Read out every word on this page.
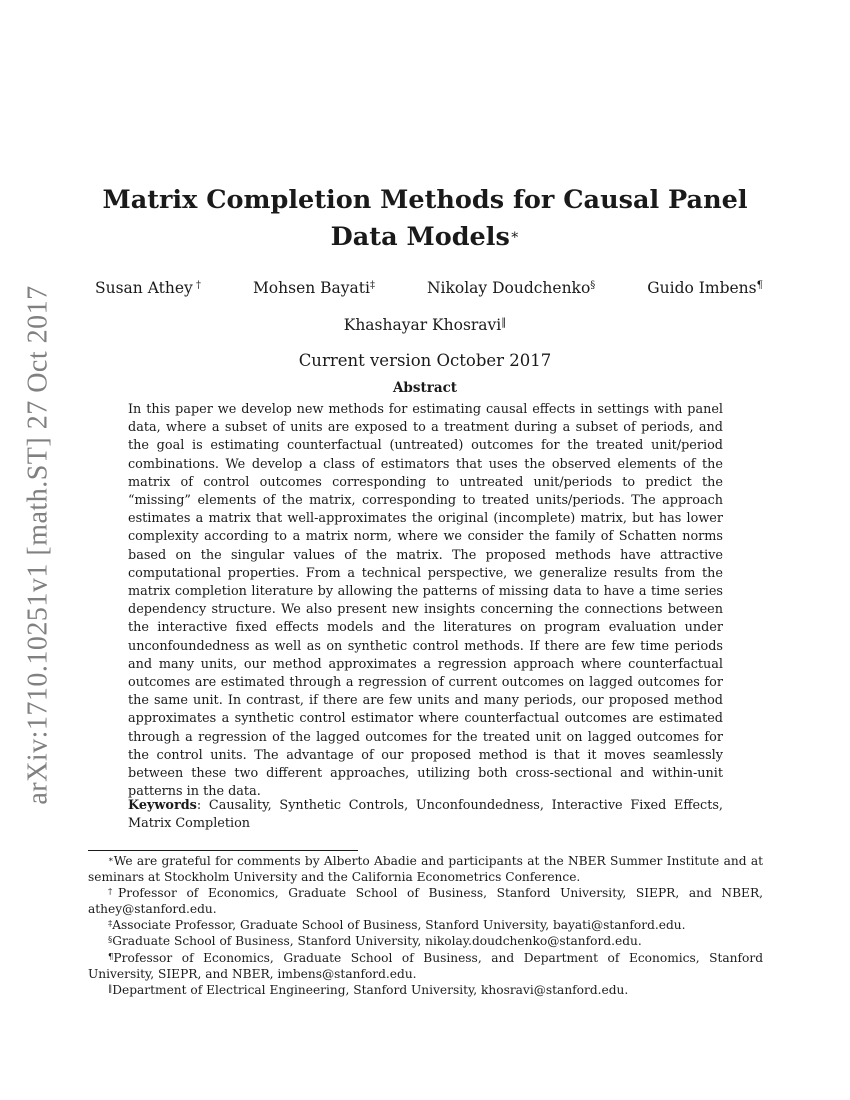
arXiv:1710.10251v1 [math.ST] 27 Oct 2017
Matrix Completion Methods for Causal Panel Data Models∗
Susan Athey †	Mohsen Bayati‡	Nikolay Doudchenko§	Guido Imbens¶
Khashayar Khosravi‖
Current version October 2017
Abstract

In this paper we develop new methods for estimating causal effects in settings with panel data, where a subset of units are exposed to a treatment during a subset of periods, and the goal is estimating counterfactual (untreated) outcomes for the treated unit/period combinations. We develop a class of estimators that uses the observed elements of the matrix of control outcomes corresponding to untreated unit/periods to predict the “missing” elements of the matrix, corresponding to treated units/periods. The approach estimates a matrix that well-approximates the original (incomplete) matrix, but has lower complexity according to a matrix norm, where we consider the family of Schatten norms based on the singular values of the matrix. The proposed methods have attractive computational properties. From a technical perspective, we generalize results from the matrix completion literature by allowing the patterns of missing data to have a time series dependency structure. We also present new insights concerning the connections between the interactive fixed effects models and the literatures on program evaluation under unconfoundedness as well as on synthetic control methods. If there are few time periods and many units, our method approximates a regression approach where counterfactual outcomes are estimated through a regression of current outcomes on lagged outcomes for the same unit. In contrast, if there are few units and many periods, our proposed method approximates a synthetic control estimator where counterfactual outcomes are estimated through a regression of the lagged outcomes for the treated unit on lagged outcomes for the control units. The advantage of our proposed method is that it moves seamlessly between these two different approaches, utilizing both cross-sectional and within-unit patterns in the data.

Keywords: Causality, Synthetic Controls, Unconfoundedness, Interactive Fixed Effects, Matrix Completion

∗We are grateful for comments by Alberto Abadie and participants at the NBER Summer Institute and at seminars at Stockholm University and the California Econometrics Conference.

†Professor of Economics, Graduate School of Business, Stanford University, SIEPR, and NBER, athey@stanford.edu.

‡Associate Professor, Graduate School of Business, Stanford University, bayati@stanford.edu.

§Graduate School of Business, Stanford University, nikolay.doudchenko@stanford.edu.

¶Professor of Economics, Graduate School of Business, and Department of Economics, Stanford University, SIEPR, and NBER, imbens@stanford.edu.

‖Department of Electrical Engineering, Stanford University, khosravi@stanford.edu.
